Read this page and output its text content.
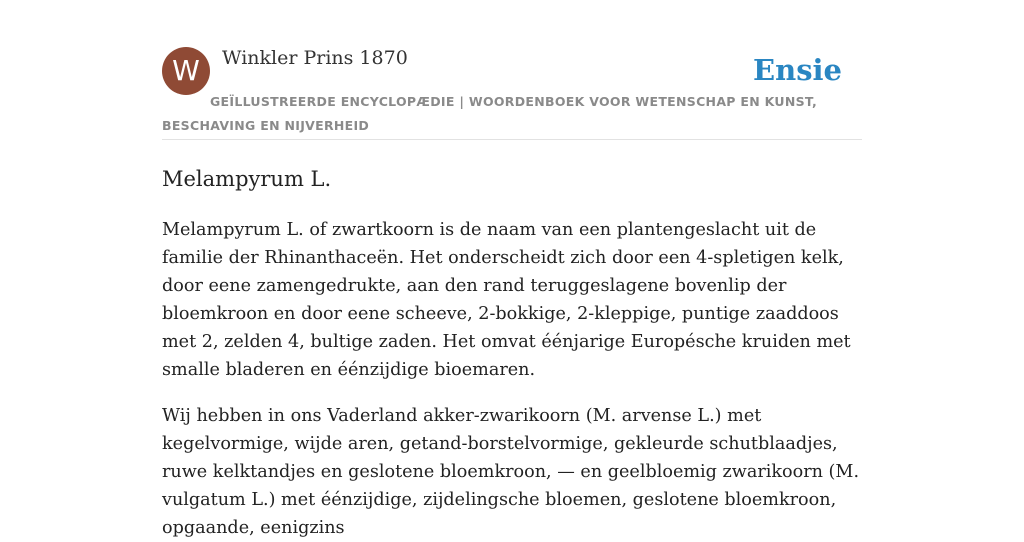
W	Winkler Prins 1870	Ensie
GEÏLLUSTREERDE ENCYCLOPÆDIE | WOORDENBOEK VOOR WETENSCHAP EN KUNST, BESCHAVING EN NIJVERHEID
Melampyrum L.

Melampyrum L. of zwartkoorn is de naam van een plantengeslacht uit de familie der Rhinanthaceën. Het onderscheidt zich door een 4-spletigen kelk, door eene zamengedrukte, aan den rand teruggeslagene bovenlip der bloemkroon en door eene scheeve, 2-bokkige, 2-kleppige, puntige zaaddoos met 2, zelden 4, bultige zaden. Het omvat éénjarige Europésche kruiden met smalle bladeren en éénzijdige bioemaren.

Wij hebben in ons Vaderland akker-zwarikoorn (M. arvense L.) met kegelvormige, wijde aren, getand-borstelvormige, gekleurde schutblaadjes, ruwe kelktandjes en geslotene bloemkroon, — en geelbloemig zwarikoorn (M. vulgatum L.) met éénzijdige, zijdelingsche bloemen, geslotene bloemkroon, opgaande, eenigzins
